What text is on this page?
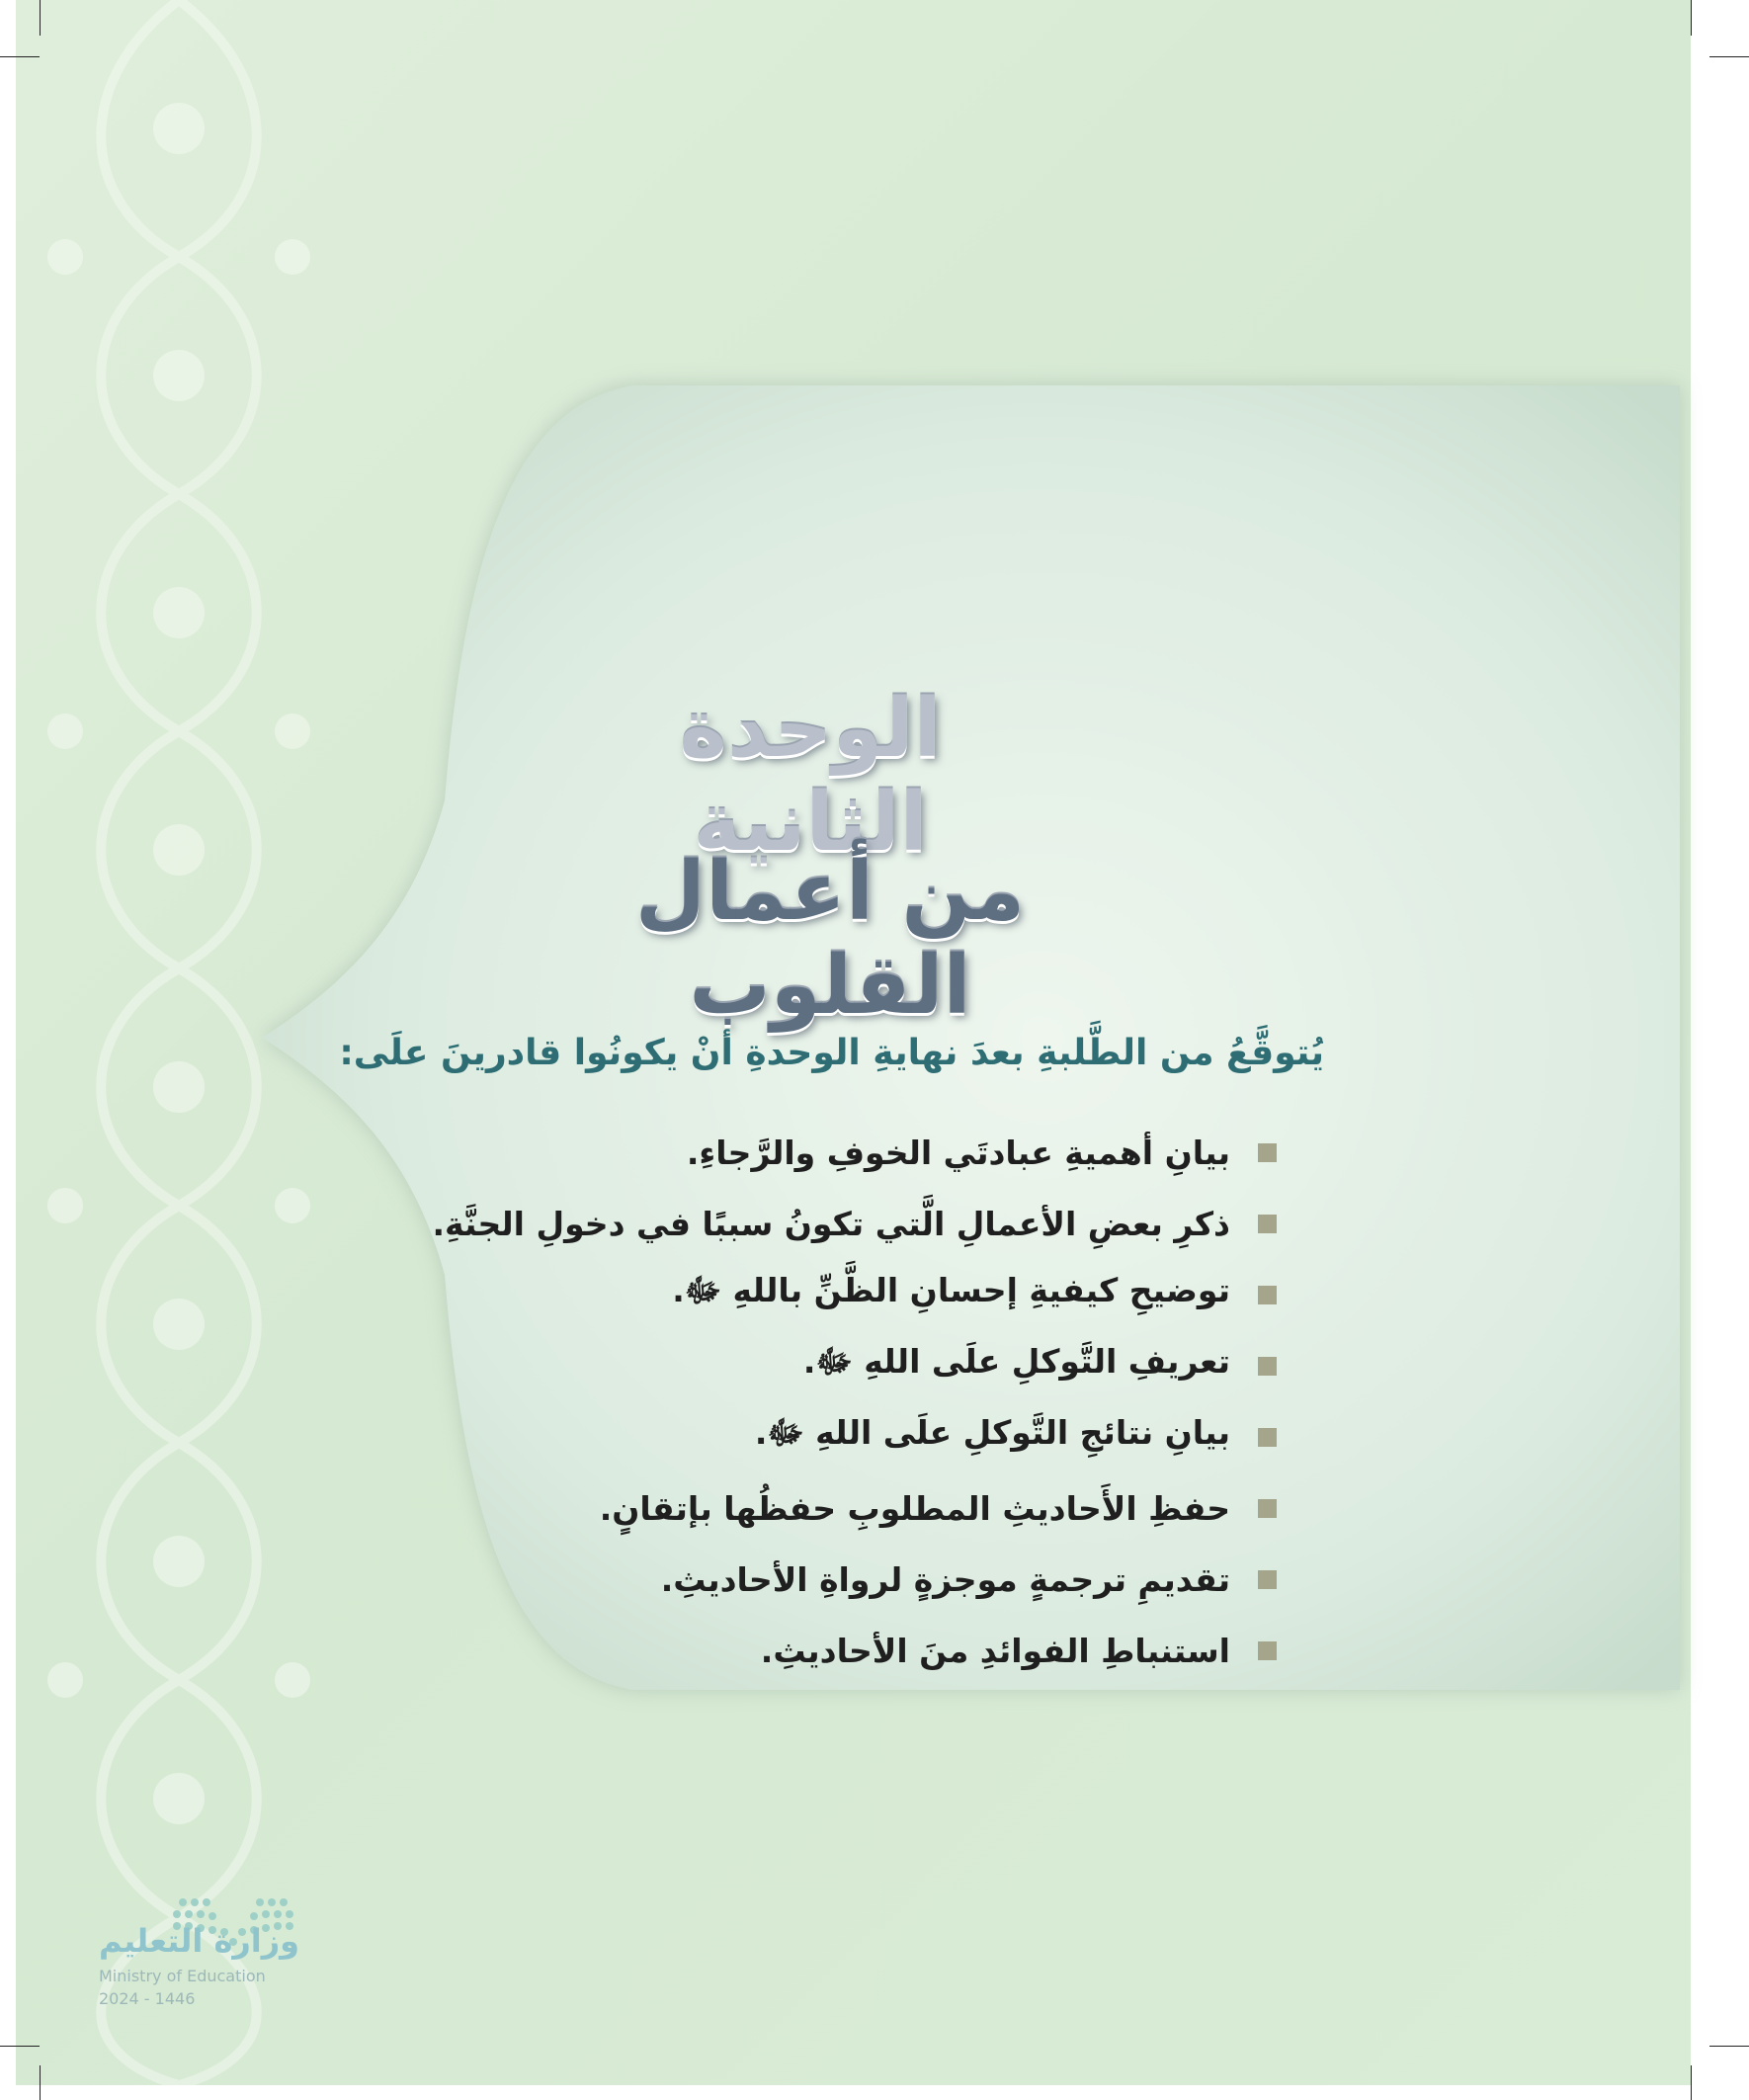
الوحدة الثانية
من أعمال القلوب
يُتوقَّعُ من الطَّلبةِ بعدَ نهايةِ الوحدةِ أنْ يكونُوا قادرينَ علَى:
بيانِ أهميةِ عبادتَي الخوفِ والرَّجاءِ.
ذكرِ بعضِ الأعمالِ الَّتي تكونُ سببًا في دخولِ الجنَّةِ.
توضيحِ كيفيةِ إحسانِ الظَّنِّ باللهِ ﷻ.
تعريفِ التَّوكلِ علَى اللهِ ﷻ.
بيانِ نتائجِ التَّوكلِ علَى اللهِ ﷻ.
حفظِ الأَحاديثِ المطلوبِ حفظُها بإتقانٍ.
تقديمِ ترجمةٍ موجزةٍ لرواةِ الأحاديثِ.
استنباطِ الفوائدِ منَ الأحاديثِ.
وزارة التعليم
Ministry of Education
2024 - 1446
